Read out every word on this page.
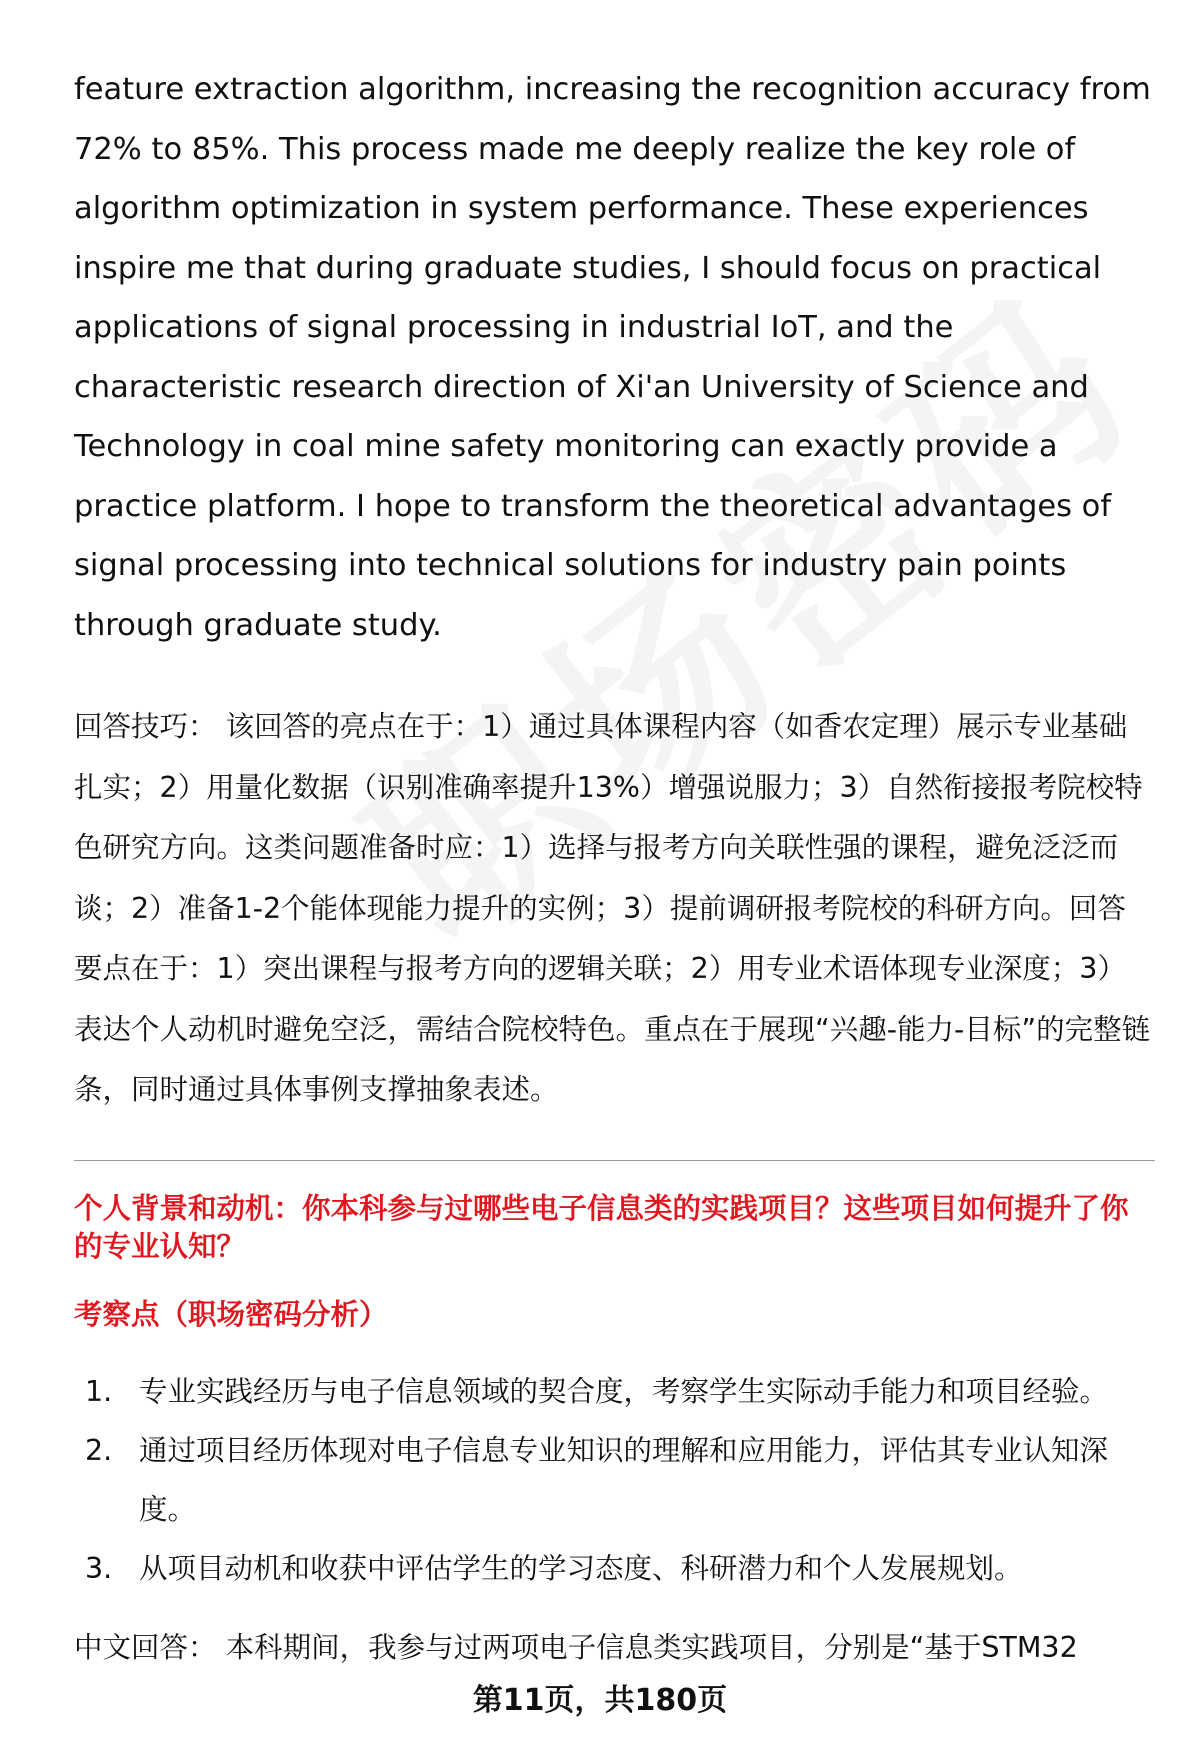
feature extraction algorithm, increasing the recognition accuracy from 72% to 85%. This process made me deeply realize the key role of algorithm optimization in system performance. These experiences inspire me that during graduate studies, I should focus on practical applications of signal processing in industrial IoT, and the characteristic research direction of Xi'an University of Science and Technology in coal mine safety monitoring can exactly provide a practice platform. I hope to transform the theoretical advantages of signal processing into technical solutions for industry pain points through graduate study.

回答技巧： 该回答的亮点在于：1）通过具体课程内容（如香农定理）展示专业基础扎实；2）用量化数据（识别准确率提升13%）增强说服力；3）自然衔接报考院校特色研究方向。这类问题准备时应：1）选择与报考方向关联性强的课程，避免泛泛而谈；2）准备1-2个能体现能力提升的实例；3）提前调研报考院校的科研方向。回答要点在于：1）突出课程与报考方向的逻辑关联；2）用专业术语体现专业深度；3）表达个人动机时避免空泛，需结合院校特色。重点在于展现“兴趣-能力-目标”的完整链条，同时通过具体事例支撑抽象表述。

个人背景和动机：你本科参与过哪些电子信息类的实践项目？这些项目如何提升了你的专业认知？
考察点（职场密码分析）
1. 专业实践经历与电子信息领域的契合度，考察学生实际动手能力和项目经验。
2. 通过项目经历体现对电子信息专业知识的理解和应用能力，评估其专业认知深度。
3. 从项目动机和收获中评估学生的学习态度、科研潜力和个人发展规划。

中文回答： 本科期间，我参与过两项电子信息类实践项目，分别是“基于STM32

第11页，共180页
